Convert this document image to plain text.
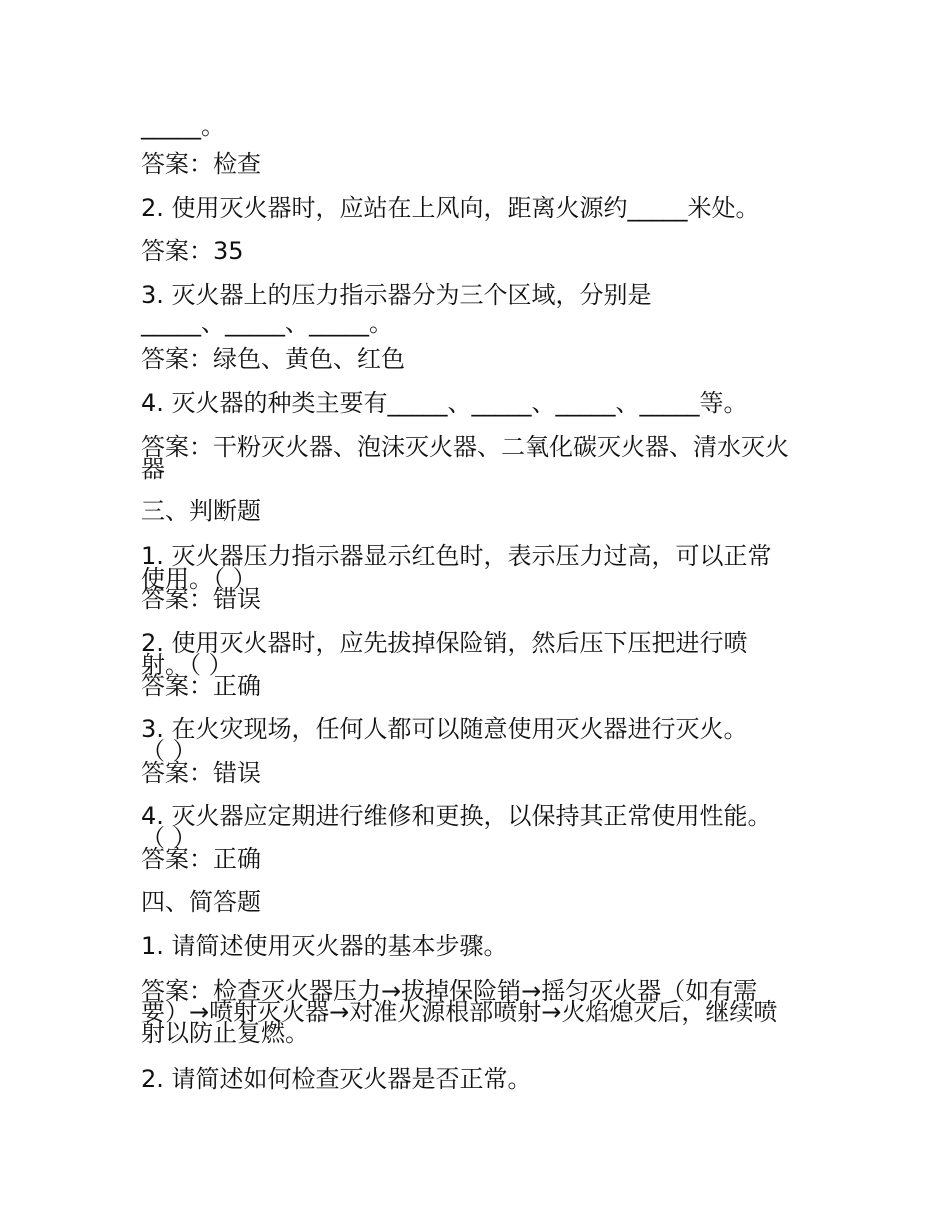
_____。

答案：检查

2. 使用灭火器时，应站在上风向，距离火源约_____米处。

答案：35

3. 灭火器上的压力指示器分为三个区域，分别是

_____、_____、_____。

答案：绿色、黄色、红色

4. 灭火器的种类主要有_____、_____、_____、_____等。

答案：干粉灭火器、泡沫灭火器、二氧化碳灭火器、清水灭火

器

三、判断题

1. 灭火器压力指示器显示红色时，表示压力过高，可以正常

使用。（ ）

答案：错误

2. 使用灭火器时，应先拔掉保险销，然后压下压把进行喷

射。（ ）

答案：正确

3. 在火灾现场，任何人都可以随意使用灭火器进行灭火。

（ ）

答案：错误

4. 灭火器应定期进行维修和更换，以保持其正常使用性能。

（ ）

答案：正确

四、简答题

1. 请简述使用灭火器的基本步骤。

答案：检查灭火器压力→拔掉保险销→摇匀灭火器（如有需

要）→喷射灭火器→对准火源根部喷射→火焰熄灭后，继续喷

射以防止复燃。

2. 请简述如何检查灭火器是否正常。
